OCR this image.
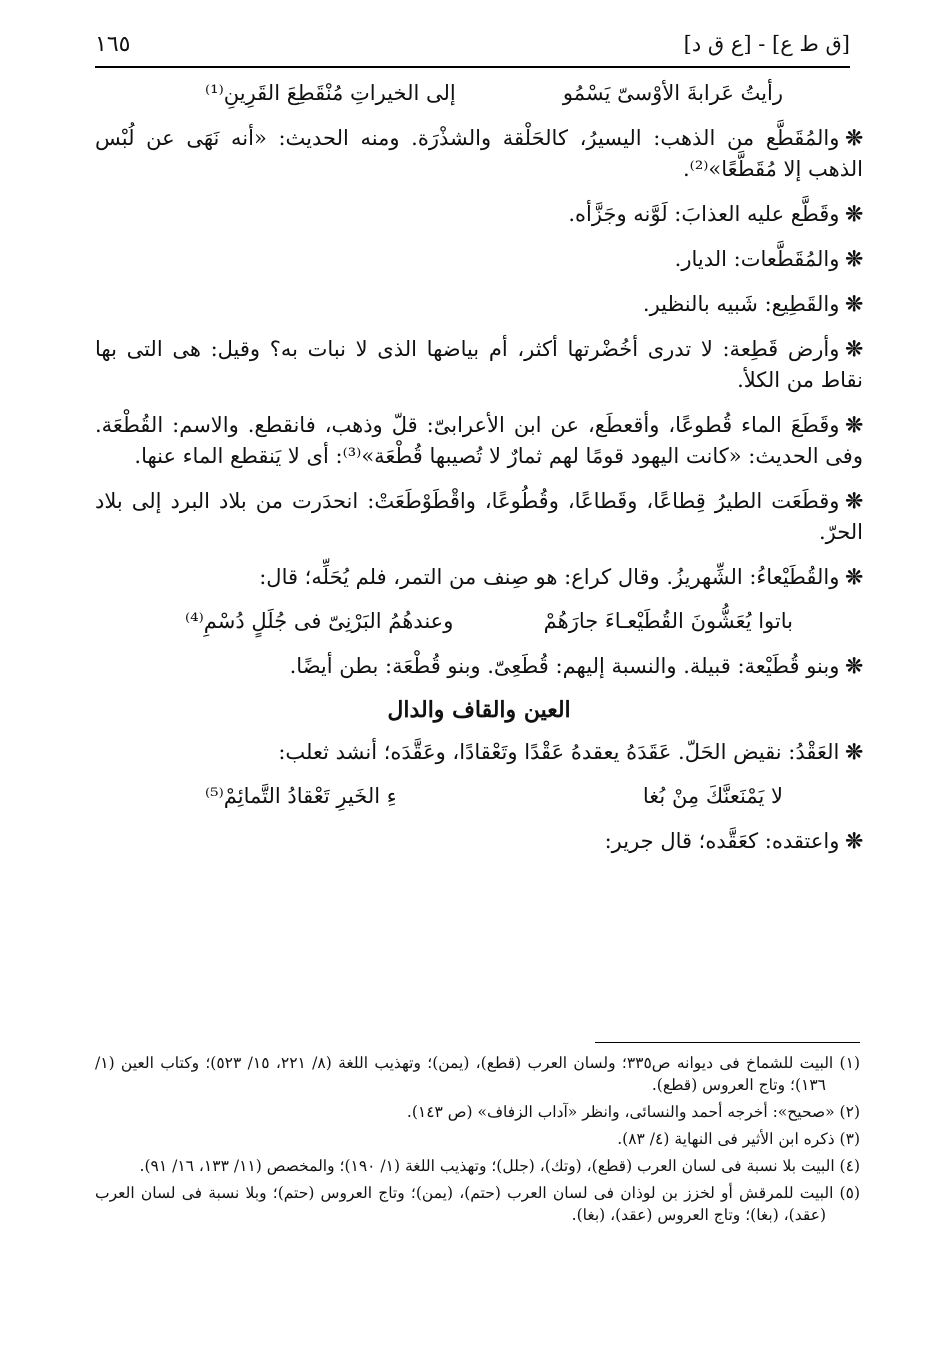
[ق ط ع] - [ع ق د]
١٦٥
رأيتُ عَرابةَ الأوْسىّ يَسْمُو
إلى الخيراتِ مُنْقَطِعَ القَرِينِ⁽¹⁾

❊والمُقَطَّع من الذهب: اليسيرُ، كالحَلْقة والشذْرَة. ومنه الحديث: «أنه نَهَى عن لُبْس الذهب إلا مُقَطَّعًا»⁽²⁾.

❊وقَطَّع عليه العذابَ: لَوَّنه وجَزَّأه.

❊والمُقَطَّعات: الديار.

❊والقَطِيع: شَبيه بالنظير.

❊وأرض قَطِعة: لا تدرى أخُضْرتها أكثر، أم بياضها الذى لا نبات به؟ وقيل: هى التى بها نقاط من الكلأ.

❊وقَطَعَ الماء قُطوعًا، وأقعطَع، عن ابن الأعرابىّ: قلّ وذهب، فانقطع. والاسم: القُطْعَة. وفى الحديث: «كانت اليهود قومًا لهم ثمارٌ لا تُصيبها قُطْعَة»⁽³⁾: أى لا يَنقطع الماء عنها.

❊وقطَعَت الطيرُ قِطاعًا، وقَطاعًا، وقُطُوعًا، واقْطَوْطَعَتْ: انحدَرت من بلاد البرد إلى بلاد الحرّ.

❊والقُطَيْعاءُ: الشِّهريزُ. وقال كراع: هو صِنف من التمر، فلم يُحَلِّه؛ قال:

باتوا يُعَشُّونَ القُطَيْعـاءَ جارَهُمْ
وعندهُمُ البَرْنِىّ فى جُلَلٍ دُسْمِ⁽⁴⁾

❊وبنو قُطَيْعة: قبيلة. والنسبة إليهم: قُطَعِىّ. وبنو قُطْعَة: بطن أيضًا.

العين والقاف والدال

❊العَقْدُ: نقيض الحَلّ. عَقَدَهُ يعقدهُ عَقْدًا وتَعْقادًا، وعَقَّدَه؛ أنشد ثعلب:

لا يَمْنَعنَّكَ مِنْ بُغا
ءِ الخَيرِ تَعْقادُ التَّمائِمْ⁽⁵⁾

❊واعتقده: كعَقَّده؛ قال جرير:

(١) البيت للشماخ فى ديوانه ص٣٣٥؛ ولسان العرب (قطع)، (يمن)؛ وتهذيب اللغة (٨/ ٢٢١، ١٥/ ٥٢٣)؛ وكتاب العين (١/ ١٣٦)؛ وتاج العروس (قطع).

(٢) «صحيح»: أخرجه أحمد والنسائى، وانظر «آداب الزفاف» (ص ١٤٣).

(٣) ذكره ابن الأثير فى النهاية (٤/ ٨٣).

(٤) البيت بلا نسبة فى لسان العرب (قطع)، (وتك)، (جلل)؛ وتهذيب اللغة (١/ ١٩٠)؛ والمخصص (١١/ ١٣٣، ١٦/ ٩١).

(٥) البيت للمرقش أو لخزز بن لوذان فى لسان العرب (حتم)، (يمن)؛ وتاج العروس (حتم)؛ وبلا نسبة فى لسان العرب (عقد)، (بغا)؛ وتاج العروس (عقد)، (بغا).
